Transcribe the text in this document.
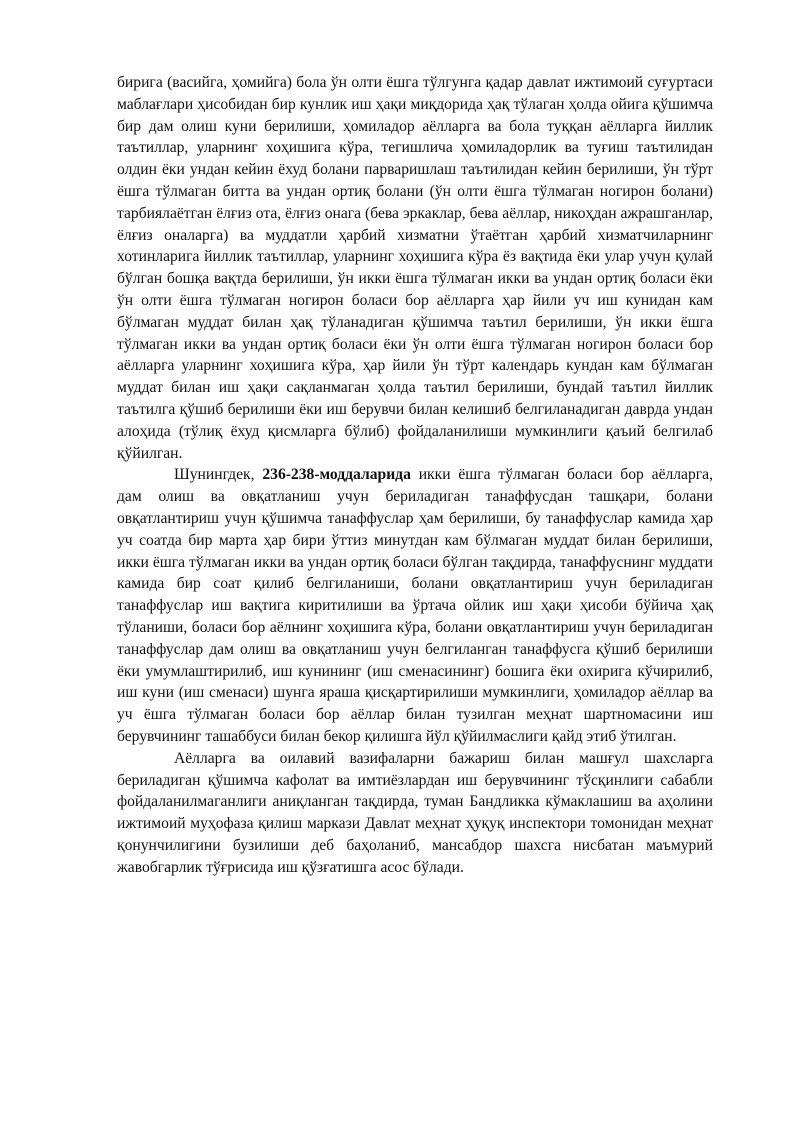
бирига (васийга, ҳомийга) бола ўн олти ёшга тўлгунга қадар давлат ижтимоий суғуртаси маблағлари ҳисобидан бир кунлик иш ҳақи миқдорида ҳақ тўлаган ҳолда ойига қўшимча бир дам олиш куни берилиши, ҳомиладор аёлларга ва бола туққан аёлларга йиллик таътиллар, уларнинг хоҳишига кўра, тегишлича ҳомиладорлик ва туғиш таътилидан олдин ёки ундан кейин ёхуд болани парваришлаш таътилидан кейин берилиши, ўн тўрт ёшга тўлмаган битта ва ундан ортиқ болани (ўн олти ёшга тўлмаган ногирон болани) тарбиялаётган ёлғиз ота, ёлғиз онага (бева эркаклар, бева аёллар, никоҳдан ажрашганлар, ёлғиз оналарга) ва муддатли ҳарбий хизматни ўтаётган ҳарбий хизматчиларнинг хотинларига йиллик таътиллар, уларнинг хоҳишига кўра ёз вақтида ёки улар учун қулай бўлган бошқа вақтда берилиши, ўн икки ёшга тўлмаган икки ва ундан ортиқ боласи ёки ўн олти ёшга тўлмаган ногирон боласи бор аёлларга ҳар йили уч иш кунидан кам бўлмаган муддат билан ҳақ тўланадиган қўшимча таътил берилиши, ўн икки ёшга тўлмаган икки ва ундан ортиқ боласи ёки ўн олти ёшга тўлмаган ногирон боласи бор аёлларга уларнинг хоҳишига кўра, ҳар йили ўн тўрт календарь кундан кам бўлмаган муддат билан иш ҳақи сақланмаган ҳолда таътил берилиши, бундай таътил йиллик таътилга қўшиб берилиши ёки иш берувчи билан келишиб белгиланадиган даврда ундан алоҳида (тўлиқ ёхуд қисмларга бўлиб) фойдаланилиши мумкинлиги қаъий белгилаб қўйилган.

Шунингдек, 236-238-моддаларида икки ёшга тўлмаган боласи бор аёлларга, дам олиш ва овқатланиш учун бериладиган танаффусдан ташқари, болани овқатлантириш учун қўшимча танаффуслар ҳам берилиши, бу танаффуслар камида ҳар уч соатда бир марта ҳар бири ўттиз минутдан кам бўлмаган муддат билан берилиши, икки ёшга тўлмаган икки ва ундан ортиқ боласи бўлган тақдирда, танаффуснинг муддати камида бир соат қилиб белгиланиши, болани овқатлантириш учун бериладиган танаффуслар иш вақтига киритилиши ва ўртача ойлик иш ҳақи ҳисоби бўйича ҳақ тўланиши, боласи бор аёлнинг хоҳишига кўра, болани овқатлантириш учун бериладиган танаффуслар дам олиш ва овқатланиш учун белгиланган танаффусга қўшиб берилиши ёки умумлаштирилиб, иш кунининг (иш сменасининг) бошига ёки охирига кўчирилиб, иш куни (иш сменаси) шунга яраша қисқартирилиши мумкинлиги, ҳомиладор аёллар ва уч ёшга тўлмаган боласи бор аёллар билан тузилган меҳнат шартномасини иш берувчининг ташаббуси билан бекор қилишга йўл қўйилмаслиги қайд этиб ўтилган.

Аёлларга ва оилавий вазифаларни бажариш билан машғул шахсларга бериладиган қўшимча кафолат ва имтиёзлардан иш берувчининг тўсқинлиги сабабли фойдаланилмаганлиги аниқланган тақдирда, туман Бандликка кўмаклашиш ва аҳолини ижтимоий муҳофаза қилиш маркази Давлат меҳнат ҳуқуқ инспектори томонидан меҳнат қонунчилигини бузилиши деб баҳоланиб, мансабдор шахсга нисбатан маъмурий жавобгарлик тўғрисида иш қўзғатишга асос бўлади.
